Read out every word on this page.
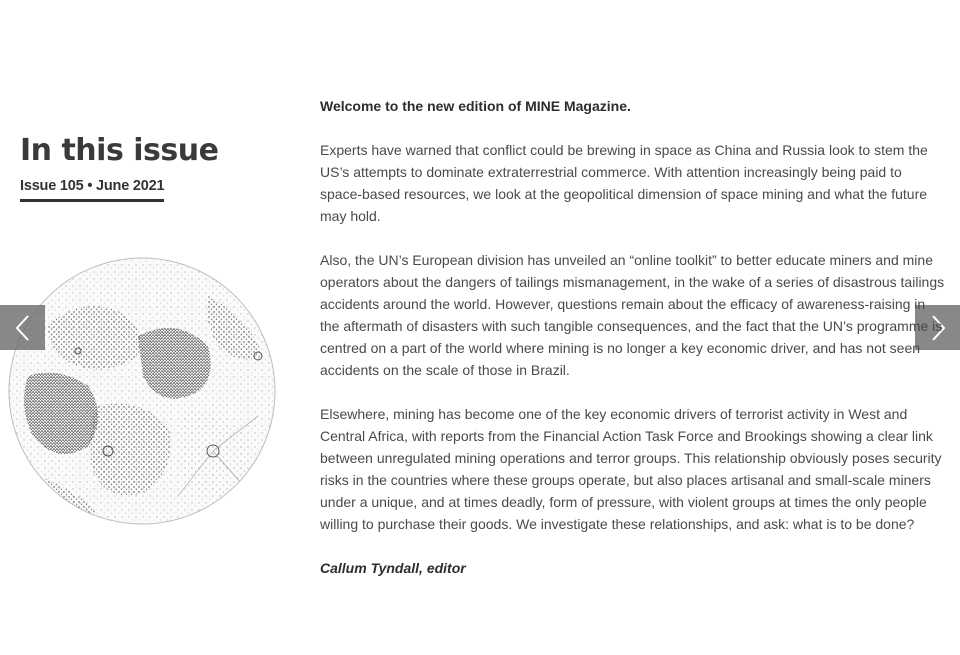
In this issue
Issue 105 • June 2021

Welcome to the new edition of MINE Magazine.

Experts have warned that conflict could be brewing in space as China and Russia look to stem the US’s attempts to dominate extraterrestrial commerce. With attention increasingly being paid to space-based resources, we look at the geopolitical dimension of space mining and what the future may hold.

Also, the UN’s European division has unveiled an “online toolkit” to better educate miners and mine operators about the dangers of tailings mismanagement, in the wake of a series of disastrous tailings accidents around the world. However, questions remain about the efficacy of awareness-raising in the aftermath of disasters with such tangible consequences, and the fact that the UN’s programme is centred on a part of the world where mining is no longer a key economic driver, and has not seen accidents on the scale of those in Brazil.

Elsewhere, mining has become one of the key economic drivers of terrorist activity in West and Central Africa, with reports from the Financial Action Task Force and Brookings showing a clear link between unregulated mining operations and terror groups. This relationship obviously poses security risks in the countries where these groups operate, but also places artisanal and small-scale miners under a unique, and at times deadly, form of pressure, with violent groups at times the only people willing to purchase their goods. We investigate these relationships, and ask: what is to be done?

Callum Tyndall, editor
